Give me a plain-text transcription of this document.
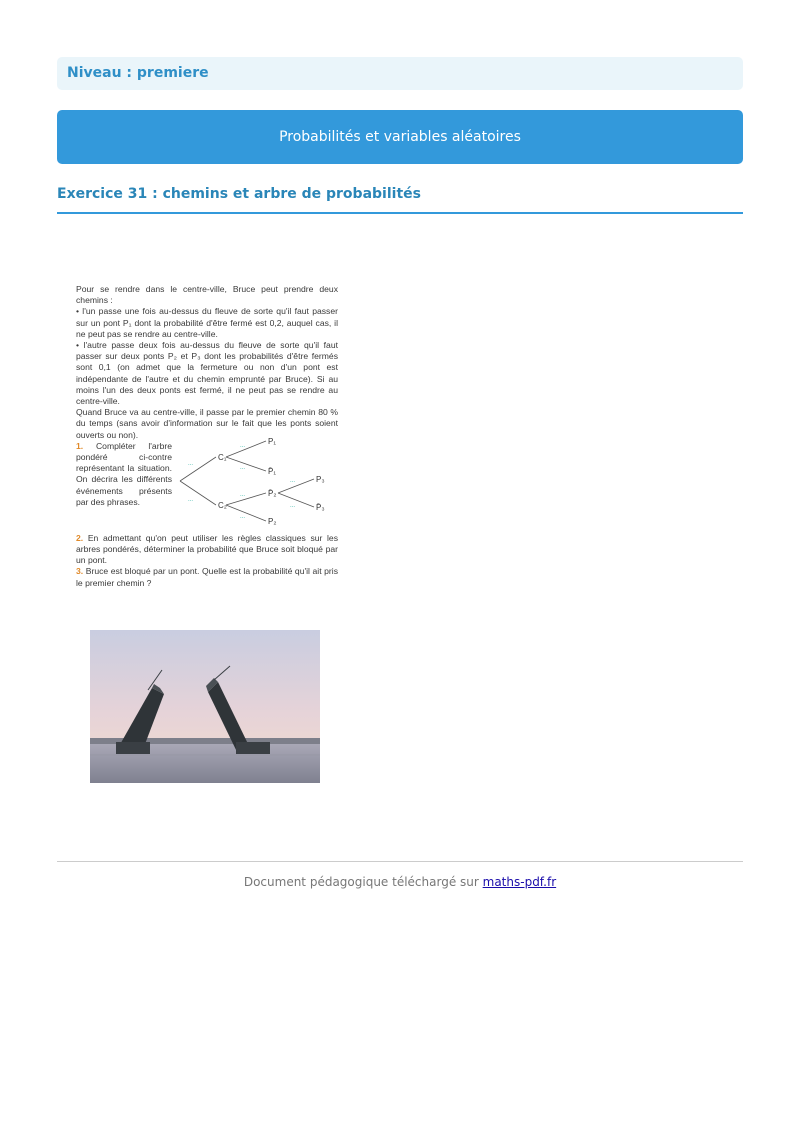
Niveau : premiere
Probabilités et variables aléatoires
Exercice 31 : chemins et arbre de probabilités

Pour se rendre dans le centre-ville, Bruce peut prendre deux chemins :

• l'un passe une fois au-dessus du fleuve de sorte qu'il faut passer sur un pont P₁ dont la probabilité d'être fermé est 0,2, auquel cas, il ne peut pas se rendre au centre-ville.

• l'autre passe deux fois au-dessus du fleuve de sorte qu'il faut passer sur deux ponts P₂ et P₃ dont les probabilités d'être fermés sont 0,1 (on admet que la fermeture ou non d'un pont est indépendante de l'autre et du chemin emprunté par Bruce). Si au moins l'un des deux ponts est fermé, il ne peut pas se rendre au centre-ville.

Quand Bruce va au centre-ville, il passe par le premier chemin 80 % du temps (sans avoir d'information sur le fait que les ponts soient ouverts ou non).

1. Compléter l'arbre pondéré ci-contre représentant la situation. On décrira les différents événements présents par des phrases.

...
...
...
...
...
...
...
...
C₁
C₂
P₁
P̄₁
P̄₂
P₂
P₃
P̄₃

2. En admettant qu'on peut utiliser les règles classiques sur les arbres pondérés, déterminer la probabilité que Bruce soit bloqué par un pont.

3. Bruce est bloqué par un pont. Quelle est la probabilité qu'il ait pris le premier chemin ?

Document pédagogique téléchargé sur maths-pdf.fr
